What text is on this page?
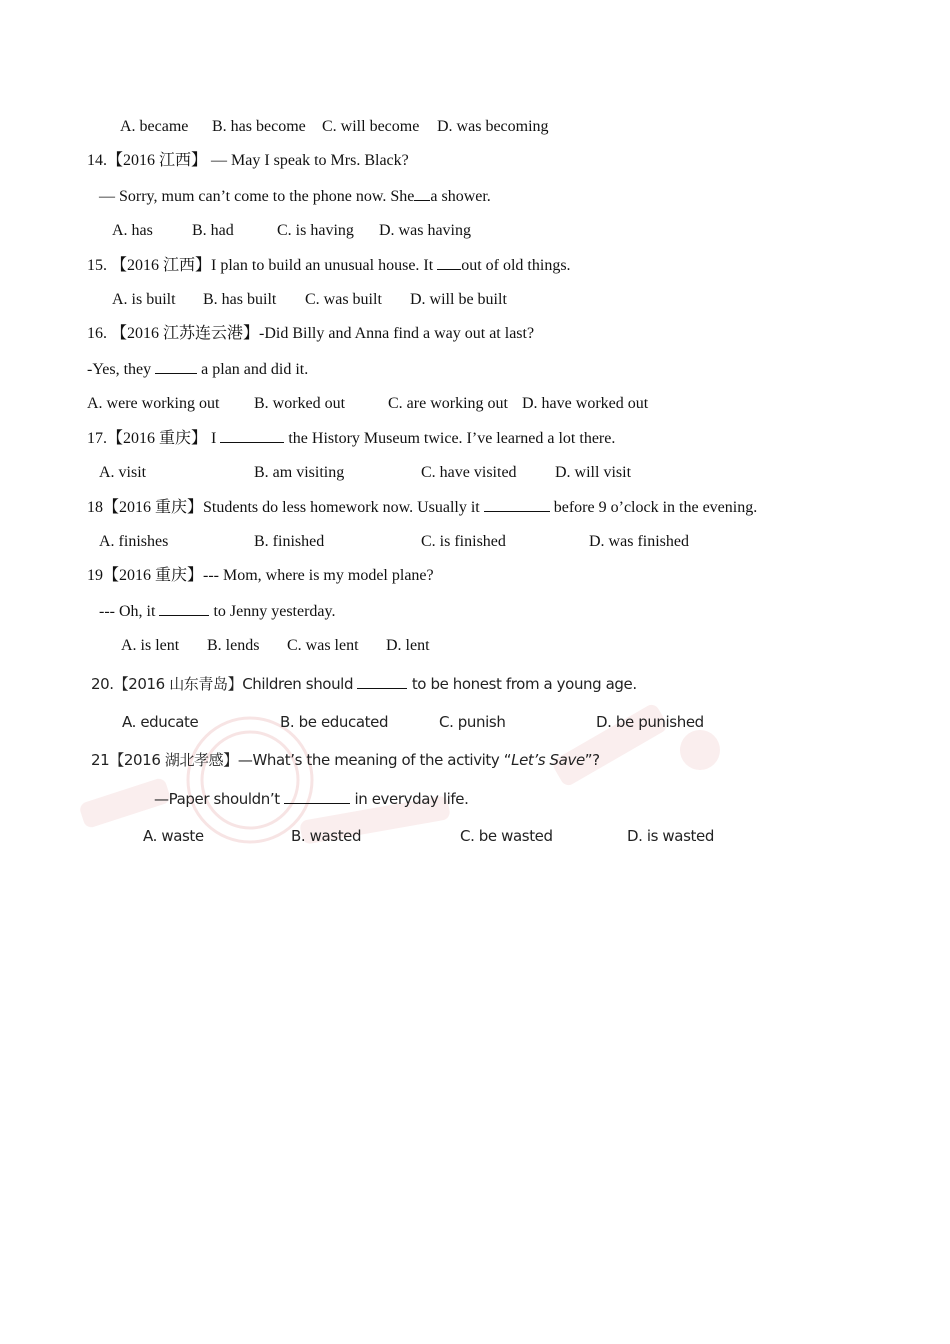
A. became B. has become C. will become D. was becoming
14.【2016 江西】 — May I speak to Mrs. Black?
— Sorry, mum can’t come to the phone now. She a shower.
A. has B. had	C. is having D. was having
15. 【2016 江西】I plan to build an unusual house. It out of old things.
A. is built B. has built C. was built D. will be built
16. 【2016 江苏连云港】-Did Billy and Anna find a way out at last?
-Yes, they	a plan and did it.
A. were working out B. worked out	C. are working out D. have worked out
17.【2016 重庆】 I	the History Museum twice. I’ve learned a lot there.
A. visit	B. am visiting	C. have visited D. will visit
18【2016 重庆】Students do less homework now. Usually it	before 9 o’clock in the evening.
A. finishes	B. finished	C. is finished	D. was finished
19【2016 重庆】--- Mom, where is my model plane?
--- Oh, it	to Jenny yesterday.
A. is lent B. lends C. was lent D. lent
20.【2016 山东青岛】Children should	to be honest from a young age.
A. educate	B. be educated	C. punish	D. be punished
21【2016 湖北孝感】—What’s the meaning of the activity “Let’s Save”?
—Paper shouldn’t	in everyday life.
A. waste	B. wasted	C. be wasted	D. is wasted
